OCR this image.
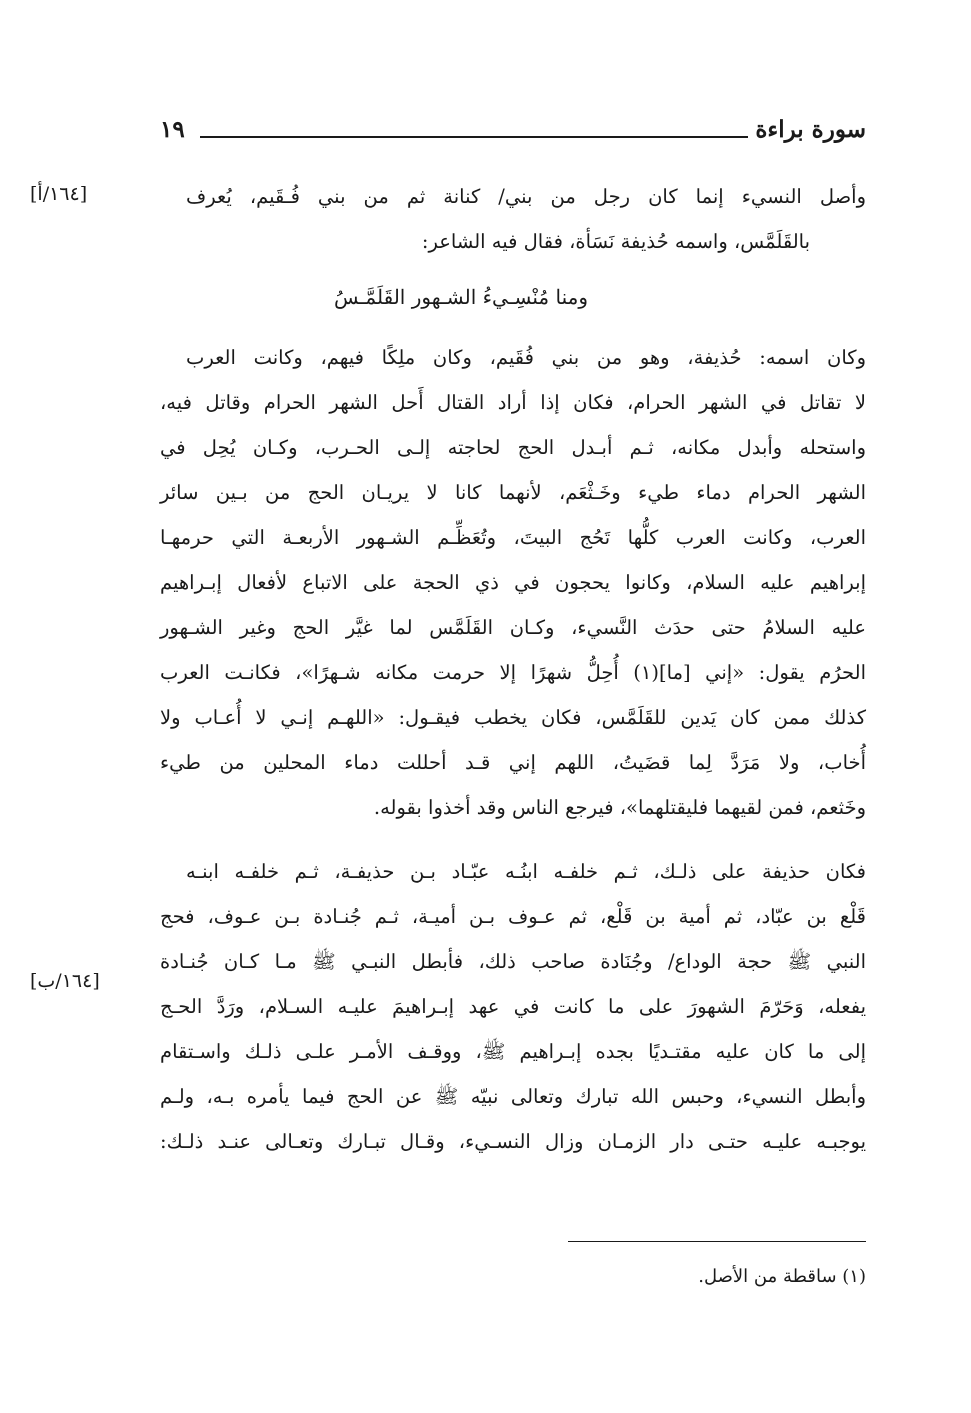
سورة براءة
١٩
[١٦٤/أ]
[١٦٤/ب]
وأصل النسيء إنما كان رجل من بني/ كنانة ثم من بني فُـقَيم، يُعرف
بالقَلَمَّس، واسمه حُذيفة نَسَأة، فقال فيه الشاعر:
ومنا مُنْسِـيءُ الشـهور القَلَمَّـسُ
وكان اسمه: حُذيفة، وهو من بني فُقَيم، وكان ملِكًا فيهم، وكانت العرب
لا تقاتل في الشهر الحرام، فكان إذا أراد القتال أَحل الشهر الحرام وقاتل فيه،
واستحله وأبدل مكانه، ثـم أبـدل الحج لحاجته إلـى الحـرب، وكـان يُحِل في
الشهر الحرام دماء طيء وخَـثْعَم، لأنهما كانا لا يريـان الحج من بـين سائر
العرب، وكانت العرب كلُّها تَحُج البيتَ، وتُعَظِّـم الشـهور الأربعـة التي حرمهـا
إبراهيم عليه السلام، وكانوا يحجون في ذي الحجة على الاتباع لأفعال إبـراهيم
عليه السلامُ حتى حدَث النَّسيء، وكـان القَلَمَّس لما غيَّر الحج وغير الشـهور
الحرُم يقول: «إني [ما](١) أُحِلُّ شهرًا إلا حرمت مكانه شـهرًا»، فكانـت العرب
كذلك ممن كان يَدين للقَلَمَّس، فكان يخطب فيقـول: «اللهـم إنـي لا أُعـاب ولا
أُخاب، ولا مَرَدَّ لِما قضَيتُ، اللهم إني قـد أحللت دماء المحلين من طيء
وخَثعم، فمن لقيهما فليقتلهما»، فيرجع الناس وقد أخذوا بقوله.
فكان حذيفة على ذلـك، ثـم خلفـه ابنُـه عبّـاد بـن حذيفـة، ثـم خلفـه ابنـه
قَلْع بن عبّاد، ثم أمية بن قَلْع، ثم عـوف بـن أميـة، ثـم جُنـادة بـن عـوف، فحج
النبي ﷺ حجة الوداع/ وجُنَادة صاحب ذلك، فأبطل النبـي ﷺ مـا كـان جُنـادة
يفعله، وَحَرّمَ الشهورَ على ما كانت في عهد إبـراهيمَ عليـه السـلام، ورَدَّ الحـج
إلى ما كان عليه مقتـديًا بجده إبـراهيم ﷺ، ووقـف الأمـر علـى ذلـك واسـتقام
وأبطل النسيء، وحبس الله تبارك وتعالى نبيّه ﷺ عن الحج فيما يأمره بـه، ولـم
يوجبـه عليـه حتـى دار الزمـان وزال النسـيء، وقـال تبـارك وتعـالى عنـد ذلـك:
(١) ساقطة من الأصل.
